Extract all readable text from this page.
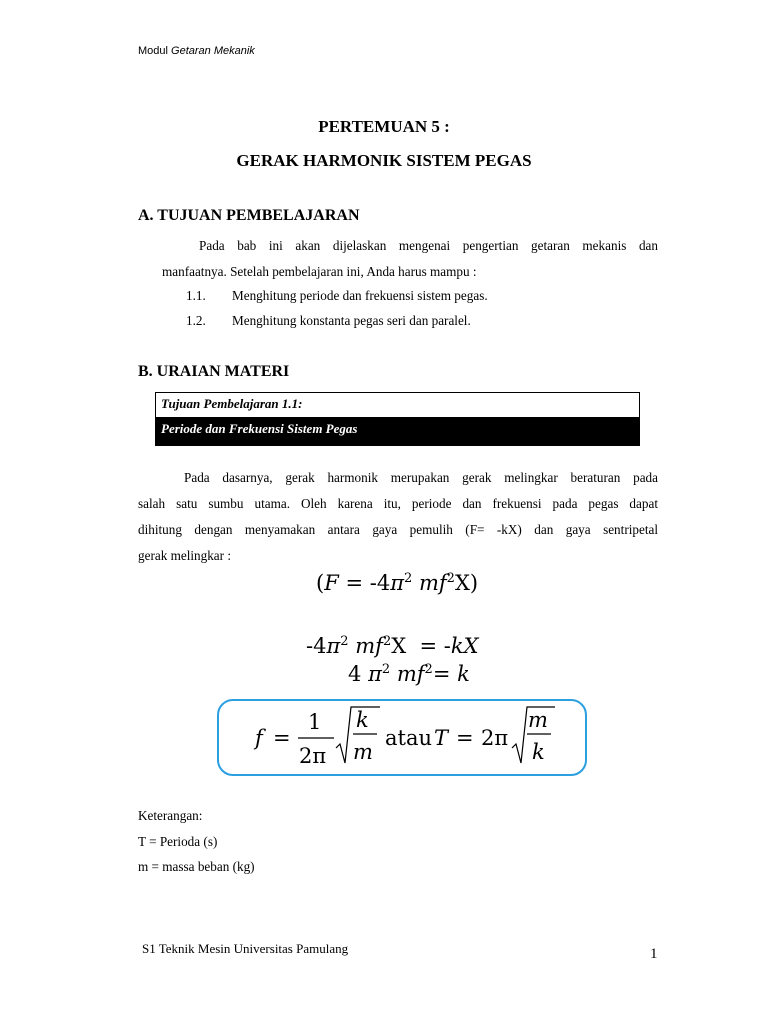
Modul Getaran Mekanik
PERTEMUAN 5 :
GERAK HARMONIK SISTEM PEGAS
A. TUJUAN PEMBELAJARAN
Pada bab ini akan dijelaskan mengenai pengertian getaran mekanis dan
manfaatnya. Setelah pembelajaran ini, Anda harus mampu :
1.1. Menghitung periode dan frekuensi sistem pegas.
1.2. Menghitung konstanta pegas seri dan paralel.
B. URAIAN MATERI
Tujuan Pembelajaran 1.1:
Periode dan Frekuensi Sistem Pegas
Pada dasarnya, gerak harmonik merupakan gerak melingkar beraturan pada
salah satu sumbu utama. Oleh karena itu, periode dan frekuensi pada pegas dapat
dihitung dengan menyamakan antara gaya pemulih (F= -kX) dan gaya sentripetal
gerak melingkar :
($F = -4\pi^2$ $mf^2X$)
$-4\pi^2$ $mf^2X = -kX$
4 $\pi^2$ $mf^2= k$
f =
1
2π
k
m
atau T = 2π
m
k
Keterangan:
T = Perioda (s)
m = massa beban (kg)
S1 Teknik Mesin Universitas Pamulang	1
